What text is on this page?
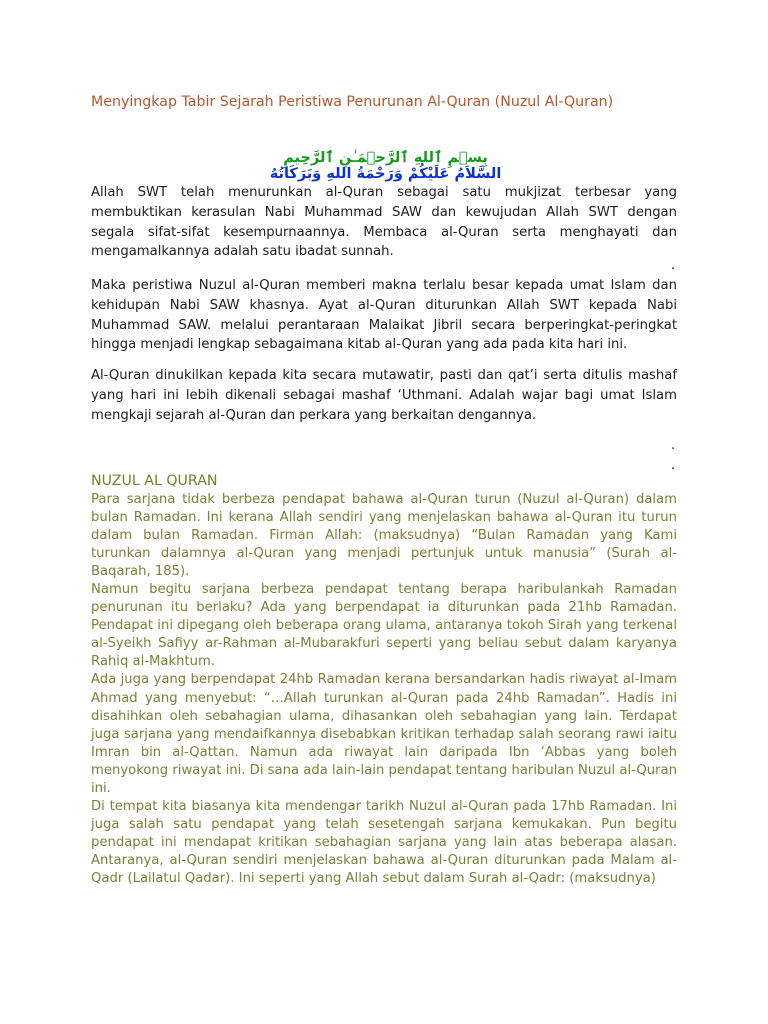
Menyingkap Tabir Sejarah Peristiwa Penurunan Al-Quran (Nuzul Al-Quran)
بِسۡمِ ٱللهِ ٱلرَّحۡمَـٰنِ ٱلرَّحِيمِ
السَّلاَمُ عَلَيْكُمْ وَرَحْمَةُ اللهِ وَبَرَكَاتُهُ
Allah SWT telah menurunkan al-Quran sebagai satu mukjizat terbesar yang membuktikan kerasulan Nabi Muhammad SAW dan kewujudan Allah SWT dengan segala sifat-sifat kesempurnaannya. Membaca al-Quran serta menghayati dan mengamalkannya adalah satu ibadat sunnah.
.
Maka peristiwa Nuzul al-Quran memberi makna terlalu besar kepada umat Islam dan kehidupan Nabi SAW khasnya. Ayat al-Quran diturunkan Allah SWT kepada Nabi Muhammad SAW. melalui perantaraan Malaikat Jibril secara berperingkat-peringkat hingga menjadi lengkap sebagaimana kitab al-Quran yang ada pada kita hari ini.
Al-Quran dinukilkan kepada kita secara mutawatir, pasti dan qat’i serta ditulis mashaf yang hari ini lebih dikenali sebagai mashaf ‘Uthmani. Adalah wajar bagi umat Islam mengkaji sejarah al-Quran dan perkara yang berkaitan dengannya.
.
.
NUZUL AL QURAN
Para sarjana tidak berbeza pendapat bahawa al-Quran turun (Nuzul al-Quran) dalam bulan Ramadan. Ini kerana Allah sendiri yang menjelaskan bahawa al-Quran itu turun dalam bulan Ramadan. Firman Allah: (maksudnya) “Bulan Ramadan yang Kami turunkan dalamnya al-Quran yang menjadi pertunjuk untuk manusia” (Surah al-Baqarah, 185).
Namun begitu sarjana berbeza pendapat tentang berapa haribulankah Ramadan penurunan itu berlaku? Ada yang berpendapat ia diturunkan pada 21hb Ramadan. Pendapat ini dipegang oleh beberapa orang ulama, antaranya tokoh Sirah yang terkenal al-Syeikh Safiyy ar-Rahman al-Mubarakfuri seperti yang beliau sebut dalam karyanya Rahiq al-Makhtum.
Ada juga yang berpendapat 24hb Ramadan kerana bersandarkan hadis riwayat al-Imam Ahmad yang menyebut: “…Allah turunkan al-Quran pada 24hb Ramadan”. Hadis ini disahihkan oleh sebahagian ulama, dihasankan oleh sebahagian yang lain. Terdapat juga sarjana yang mendaifkannya disebabkan kritikan terhadap salah seorang rawi iaitu Imran bin al-Qattan. Namun ada riwayat lain daripada Ibn ‘Abbas yang boleh menyokong riwayat ini. Di sana ada lain-lain pendapat tentang haribulan Nuzul al-Quran ini.
Di tempat kita biasanya kita mendengar tarikh Nuzul al-Quran pada 17hb Ramadan. Ini juga salah satu pendapat yang telah sesetengah sarjana kemukakan. Pun begitu pendapat ini mendapat kritikan sebahagian sarjana yang lain atas beberapa alasan. Antaranya, al-Quran sendiri menjelaskan bahawa al-Quran diturunkan pada Malam al-Qadr (Lailatul Qadar). Ini seperti yang Allah sebut dalam Surah al-Qadr: (maksudnya)
